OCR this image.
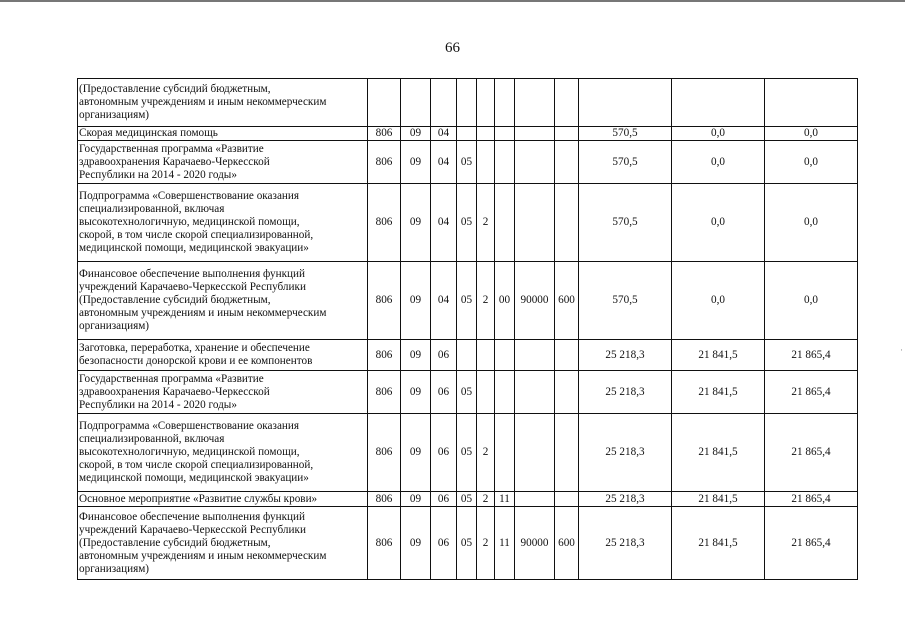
66
(Предоставление субсидий бюджетным,
автономным учреждениям и иным некоммерческим
организациям)											

Скорая медицинская помощь	806	09	04						570,5	0,0	0,0

Государственная программа «Развитие
здравоохранения Карачаево-Черкесской
Республики на 2014 - 2020 годы»	806	09	04	05					570,5	0,0	0,0

Подпрограмма «Совершенствование оказания
специализированной, включая
высокотехнологичную, медицинской помощи,
скорой, в том числе скорой специализированной,
медицинской помощи, медицинской эвакуации»	806	09	04	05	2				570,5	0,0	0,0

Финансовое обеспечение выполнения функций
учреждений Карачаево-Черкесской Республики
(Предоставление субсидий бюджетным,
автономным учреждениям и иным некоммерческим
организациям)	806	09	04	05	2	00	90000	600	570,5	0,0	0,0

Заготовка, переработка, хранение и обеспечение
безопасности донорской крови и ее компонентов	806	09	06						25 218,3	21 841,5	21 865,4

Государственная программа «Развитие
здравоохранения Карачаево-Черкесской
Республики на 2014 - 2020 годы»	806	09	06	05					25 218,3	21 841,5	21 865,4

Подпрограмма «Совершенствование оказания
специализированной, включая
высокотехнологичную, медицинской помощи,
скорой, в том числе скорой специализированной,
медицинской помощи, медицинской эвакуации»	806	09	06	05	2				25 218,3	21 841,5	21 865,4

Основное мероприятие «Развитие службы крови»	806	09	06	05	2	11			25 218,3	21 841,5	21 865,4

Финансовое обеспечение выполнения функций
учреждений Карачаево-Черкесской Республики
(Предоставление субсидий бюджетным,
автономным учреждениям и иным некоммерческим
организациям)	806	09	06	05	2	11	90000	600	25 218,3	21 841,5	21 865,4
·
